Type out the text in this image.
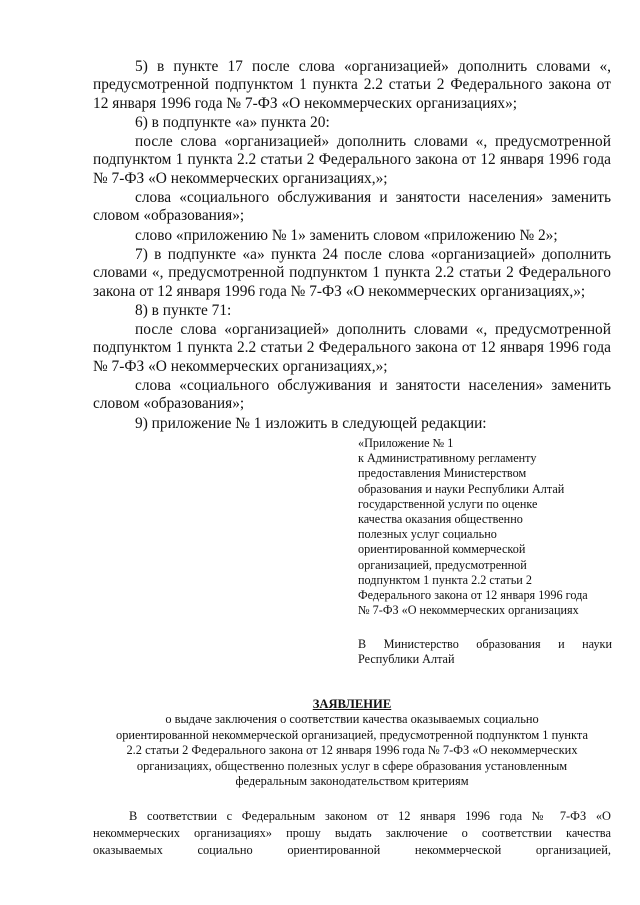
5) в пункте 17 после слова «организацией» дополнить словами «, предусмотренной подпунктом 1 пункта 2.2 статьи 2 Федерального закона от 12 января 1996 года № 7-ФЗ «О некоммерческих организациях»;

6) в подпункте «а» пункта 20:

после слова «организацией» дополнить словами «, предусмотренной подпунктом 1 пункта 2.2 статьи 2 Федерального закона от 12 января 1996 года № 7-ФЗ «О некоммерческих организациях,»;

слова «социального обслуживания и занятости населения» заменить словом «образования»;

слово «приложению № 1» заменить словом «приложению № 2»;

7) в подпункте «а» пункта 24 после слова «организацией» дополнить словами «, предусмотренной подпунктом 1 пункта 2.2 статьи 2 Федерального закона от 12 января 1996 года № 7-ФЗ «О некоммерческих организациях,»;

8) в пункте 71:

после слова «организацией» дополнить словами «, предусмотренной подпунктом 1 пункта 2.2 статьи 2 Федерального закона от 12 января 1996 года № 7-ФЗ «О некоммерческих организациях,»;

слова «социального обслуживания и занятости населения» заменить словом «образования»;

9) приложение № 1 изложить в следующей редакции:

«Приложение № 1
к Административному регламенту
предоставления Министерством
образования и науки Республики Алтай
государственной услуги по оценке
качества оказания общественно
полезных услуг социально
ориентированной коммерческой
организацией, предусмотренной
подпунктом 1 пункта 2.2 статьи 2
Федерального закона от 12 января 1996 года
№ 7-ФЗ «О некоммерческих организациях
В Министерство образования и науки Республики Алтай
ЗАЯВЛЕНИЕ
о выдаче заключения о соответствии качества оказываемых социально
ориентированной некоммерческой организацией, предусмотренной подпунктом 1 пункта
2.2 статьи 2 Федерального закона от 12 января 1996 года № 7-ФЗ «О некоммерческих
организациях, общественно полезных услуг в сфере образования установленным
федеральным законодательством критериям
В соответствии с Федеральным законом от 12 января 1996 года № 7-ФЗ «О
некоммерческих организациях» прошу выдать заключение о соответствии качества
оказываемых социально ориентированной некоммерческой организацией,
